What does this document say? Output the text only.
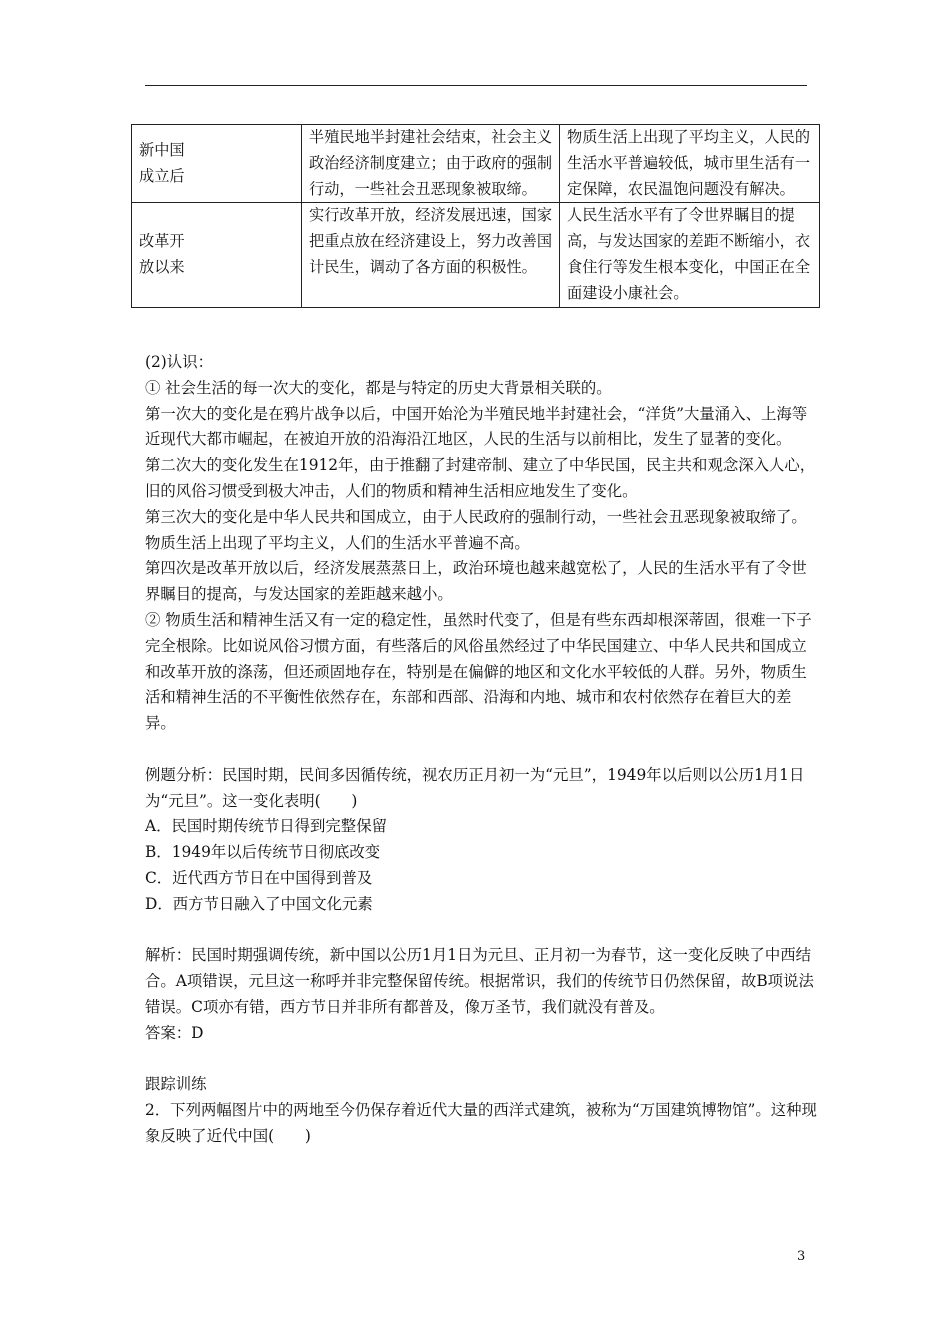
新中国
成立后	半殖民地半封建社会结束，社会主义政治经济制度建立；由于政府的强制行动，一些社会丑恶现象被取缔。	物质生活上出现了平均主义，人民的生活水平普遍较低，城市里生活有一定保障，农民温饱问题没有解决。

改革开
放以来	实行改革开放，经济发展迅速，国家把重点放在经济建设上，努力改善国计民生，调动了各方面的积极性。	人民生活水平有了令世界瞩目的提高，与发达国家的差距不断缩小，衣食住行等发生根本变化，中国正在全面建设小康社会。

(2)认识：

① 社会生活的每一次大的变化，都是与特定的历史大背景相关联的。

第一次大的变化是在鸦片战争以后，中国开始沦为半殖民地半封建社会，“洋货”大量涌入、上海等近现代大都市崛起，在被迫开放的沿海沿江地区，人民的生活与以前相比，发生了显著的变化。

第二次大的变化发生在1912年，由于推翻了封建帝制、建立了中华民国，民主共和观念深入人心，旧的风俗习惯受到极大冲击，人们的物质和精神生活相应地发生了变化。

第三次大的变化是中华人民共和国成立，由于人民政府的强制行动，一些社会丑恶现象被取缔了。物质生活上出现了平均主义，人们的生活水平普遍不高。

第四次是改革开放以后，经济发展蒸蒸日上，政治环境也越来越宽松了，人民的生活水平有了令世界瞩目的提高，与发达国家的差距越来越小。

② 物质生活和精神生活又有一定的稳定性，虽然时代变了，但是有些东西却根深蒂固，很难一下子完全根除。比如说风俗习惯方面，有些落后的风俗虽然经过了中华民国建立、中华人民共和国成立和改革开放的涤荡，但还顽固地存在，特别是在偏僻的地区和文化水平较低的人群。另外，物质生活和精神生活的不平衡性依然存在，东部和西部、沿海和内地、城市和农村依然存在着巨大的差异。

例题分析：民国时期，民间多因循传统，视农历正月初一为“元旦”，1949年以后则以公历1月1日为“元旦”。这一变化表明(　　)

A．民国时期传统节日得到完整保留

B．1949年以后传统节日彻底改变

C．近代西方节日在中国得到普及

D．西方节日融入了中国文化元素

解析：民国时期强调传统，新中国以公历1月1日为元旦、正月初一为春节，这一变化反映了中西结合。A项错误，元旦这一称呼并非完整保留传统。根据常识，我们的传统节日仍然保留，故B项说法错误。C项亦有错，西方节日并非所有都普及，像万圣节，我们就没有普及。

答案：D

跟踪训练

2．下列两幅图片中的两地至今仍保存着近代大量的西洋式建筑，被称为“万国建筑博物馆”。这种现象反映了近代中国(　　)

3
